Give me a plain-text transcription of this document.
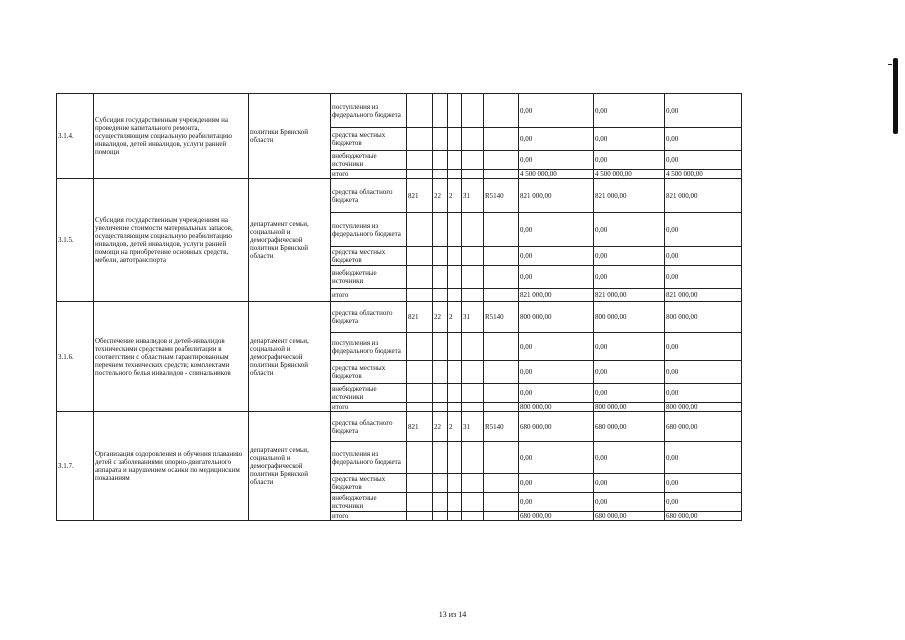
3.1.4.	Субсидия государственным учреждениям на проведение капитального ремонта, осуществляющим социальную реабилитацию инвалидов, детей инвалидов, услуги ранней помощи	политики Брянской области	поступления из федерального бюджета						0,00	0,00	0,00
			средства местных бюджетов						0,00	0,00	0,00
			внебюджетные источники						0,00	0,00	0,00
			итого						4 500 000,00	4 500 000,00	4 500 000,00
3.1.5.	Субсидия государственным учреждениям на увеличение стоимости материальных запасов, осуществляющим социальную реабилитацию инвалидов, детей инвалидов, услуги ранней помощи на приобретение основных средств, мебели, автотранспорта	департамент семьи, социальной и демографической политики Брянской области	средства областного бюджета	821	22	2	31	R5140	821 000,00	821 000,00	821 000,00
			поступления из федерального бюджета						0,00	0,00	0,00
			средства местных бюджетов						0,00	0,00	0,00
			внебюджетные источники						0,00	0,00	0,00
			итого						821 000,00	821 000,00	821 000,00
3.1.6.	Обеспечение инвалидов и детей-инвалидов техническими средствами реабилитации в соответствии с областным гарантированным перечнем технических средств; комплектами постельного белья инвалидов - спинальников	департамент семьи, социальной и демографической политики Брянской области	средства областного бюджета	821	22	2	31	R5140	800 000,00	800 000,00	800 000,00
			поступления из федерального бюджета						0,00	0,00	0,00
			средства местных бюджетов						0,00	0,00	0,00
			внебюджетные источники						0,00	0,00	0,00
			итого						800 000,00	800 000,00	800 000,00
3.1.7.	Организация оздоровления и обучения плаванию детей с заболеваниями опорно-двигательного аппарата и нарушением осанки по медицинским показаниям	департамент семьи, социальной и демографической политики Брянской области	средства областного бюджета	821	22	2	31	R5140	680 000,00	680 000,00	680 000,00
			поступления из федерального бюджета						0,00	0,00	0,00
			средства местных бюджетов						0,00	0,00	0,00
			внебюджетные источники						0,00	0,00	0,00
			итого						680 000,00	680 000,00	680 000,00
13 из 14
